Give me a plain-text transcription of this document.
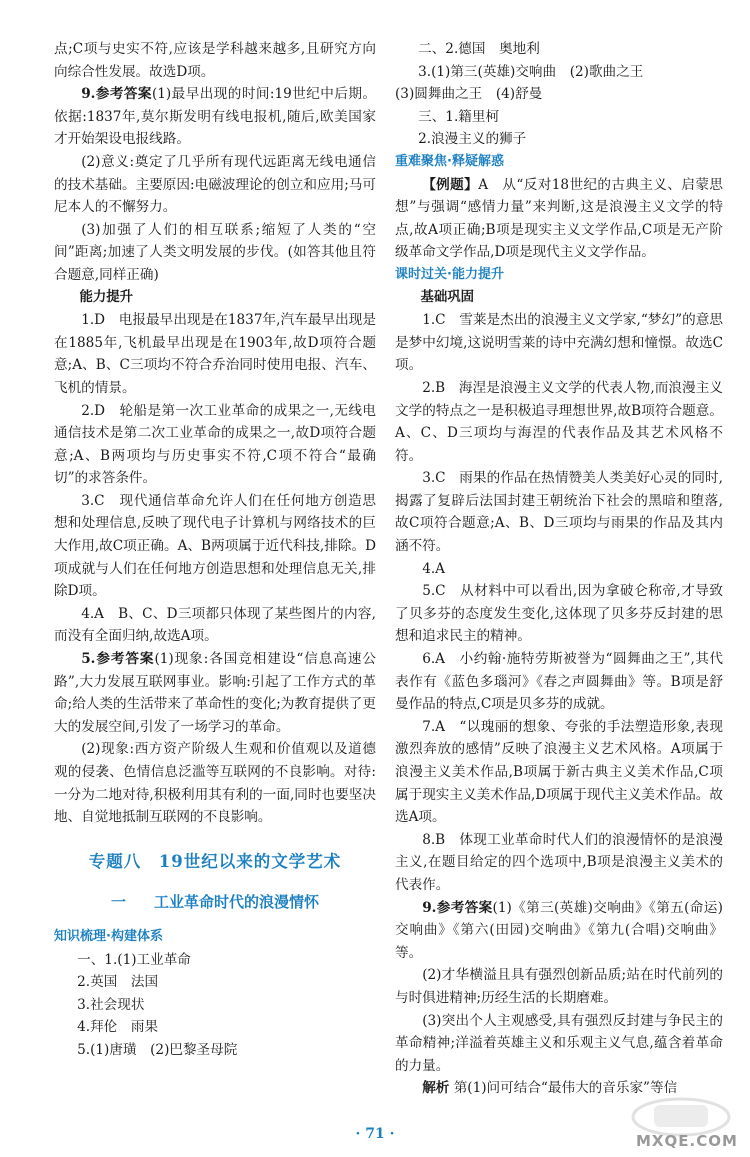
点;C项与史实不符,应该是学科越来越多,且研究方向向综合性发展。故选D项。

9.参考答案(1)最早出现的时间:19世纪中后期。依据:1837年,莫尔斯发明有线电报机,随后,欧美国家才开始架设电报线路。

(2)意义:奠定了几乎所有现代远距离无线电通信的技术基础。主要原因:电磁波理论的创立和应用;马可尼本人的不懈努力。

(3)加强了人们的相互联系;缩短了人类的“空间”距离;加速了人类文明发展的步伐。(如答其他且符合题意,同样正确)

能力提升

1.D　电报最早出现是在1837年,汽车最早出现是在1885年,飞机最早出现是在1903年,故D项符合题意;A、B、C三项均不符合乔治同时使用电报、汽车、飞机的情景。

2.D　轮船是第一次工业革命的成果之一,无线电通信技术是第二次工业革命的成果之一,故D项符合题意;A、B两项均与历史事实不符,C项不符合“最确切”的求答条件。

3.C　现代通信革命允许人们在任何地方创造思想和处理信息,反映了现代电子计算机与网络技术的巨大作用,故C项正确。A、B两项属于近代科技,排除。D项成就与人们在任何地方创造思想和处理信息无关,排除D项。

4.A　B、C、D三项都只体现了某些图片的内容,而没有全面归纳,故选A项。

5.参考答案(1)现象:各国竞相建设“信息高速公路”,大力发展互联网事业。影响:引起了工作方式的革命;给人类的生活带来了革命性的变化;为教育提供了更大的发展空间,引发了一场学习的革命。

(2)现象:西方资产阶级人生观和价值观以及道德观的侵袭、色情信息泛滥等互联网的不良影响。对待:一分为二地对待,积极利用其有利的一面,同时也要坚决地、自觉地抵制互联网的不良影响。

专题八　19世纪以来的文学艺术
一 工业革命时代的浪漫情怀

知识梳理·构建体系

一、1.(1)工业革命

2.英国　法国

3.社会现状

4.拜伦　雨果

5.(1)唐璜　(2)巴黎圣母院

二、2.德国　奥地利

3.(1)第三(英雄)交响曲　(2)歌曲之王

(3)圆舞曲之王　(4)舒曼

三、1.籍里柯

2.浪漫主义的狮子

重难聚焦·释疑解惑

【例题】A　从“反对18世纪的古典主义、启蒙思想”与强调“感情力量”来判断,这是浪漫主义文学的特点,故A项正确;B项是现实主义文学作品,C项是无产阶级革命文学作品,D项是现代主义文学作品。

课时过关·能力提升

基础巩固

1.C　雪莱是杰出的浪漫主义文学家,“梦幻”的意思是梦中幻境,这说明雪莱的诗中充满幻想和憧憬。故选C项。

2.B　海涅是浪漫主义文学的代表人物,而浪漫主义文学的特点之一是积极追寻理想世界,故B项符合题意。A、C、D三项均与海涅的代表作品及其艺术风格不符。

3.C　雨果的作品在热情赞美人类美好心灵的同时,揭露了复辟后法国封建王朝统治下社会的黑暗和堕落,故C项符合题意;A、B、D三项均与雨果的作品及其内涵不符。

4.A

5.C　从材料中可以看出,因为拿破仑称帝,才导致了贝多芬的态度发生变化,这体现了贝多芬反封建的思想和追求民主的精神。

6.A　小约翰·施特劳斯被誉为“圆舞曲之王”,其代表作有《蓝色多瑙河》《春之声圆舞曲》等。B项是舒曼作品的特点,C项是贝多芬的成就。

7.A　“以瑰丽的想象、夸张的手法塑造形象,表现激烈奔放的感情”反映了浪漫主义艺术风格。A项属于浪漫主义美术作品,B项属于新古典主义美术作品,C项属于现实主义美术作品,D项属于现代主义美术作品。故选A项。

8.B　体现工业革命时代人们的浪漫情怀的是浪漫主义,在题目给定的四个选项中,B项是浪漫主义美术的代表作。

9.参考答案(1)《第三(英雄)交响曲》《第五(命运)交响曲》《第六(田园)交响曲》《第九(合唱)交响曲》等。

(2)才华横溢且具有强烈创新品质;站在时代前列的与时俱进精神;历经生活的长期磨难。

(3)突出个人主观感受,具有强烈反封建与争民主的革命精神;洋溢着英雄主义和乐观主义气息,蕴含着革命的力量。

解析 第(1)问可结合“最伟大的音乐家”等信

· 71 ·	MXQE.COM
